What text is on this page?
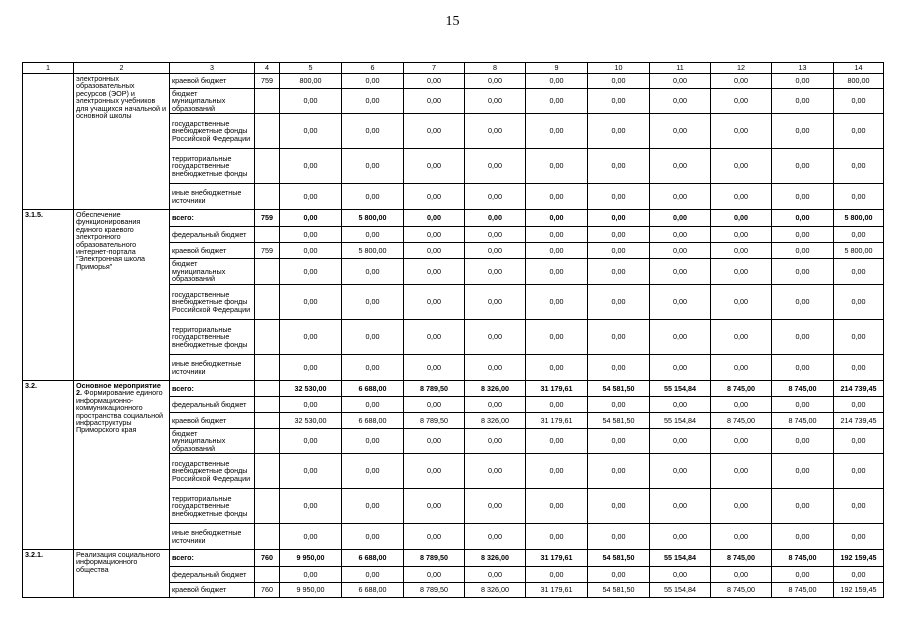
15
1	2	3	4	5	6	7	8	9	10	11	12	13	14
	электронных образовательных ресурсов (ЭОР) и электронных учебников для учащихся начальной и основной школы	краевой бюджет	759	800,00	0,00	0,00	0,00	0,00	0,00	0,00	0,00	0,00	800,00
		бюджет муниципальных образований		0,00	0,00	0,00	0,00	0,00	0,00	0,00	0,00	0,00	0,00
		государственные внебюджетные фонды Российской Федерации		0,00	0,00	0,00	0,00	0,00	0,00	0,00	0,00	0,00	0,00
		территориальные государственные внебюджетные фонды		0,00	0,00	0,00	0,00	0,00	0,00	0,00	0,00	0,00	0,00
		иные внебюджетные источники		0,00	0,00	0,00	0,00	0,00	0,00	0,00	0,00	0,00	0,00
3.1.5.	Обеспечение функционирования единого краевого электронного образовательного интернет-портала "Электронная школа Приморья"	всего:	759	0,00	5 800,00	0,00	0,00	0,00	0,00	0,00	0,00	0,00	5 800,00
		федеральный бюджет		0,00	0,00	0,00	0,00	0,00	0,00	0,00	0,00	0,00	0,00
		краевой бюджет	759	0,00	5 800,00	0,00	0,00	0,00	0,00	0,00	0,00	0,00	5 800,00
		бюджет муниципальных образований		0,00	0,00	0,00	0,00	0,00	0,00	0,00	0,00	0,00	0,00
		государственные внебюджетные фонды Российской Федерации		0,00	0,00	0,00	0,00	0,00	0,00	0,00	0,00	0,00	0,00
		территориальные государственные внебюджетные фонды		0,00	0,00	0,00	0,00	0,00	0,00	0,00	0,00	0,00	0,00
		иные внебюджетные источники		0,00	0,00	0,00	0,00	0,00	0,00	0,00	0,00	0,00	0,00
3.2.	Основное мероприятие 2. Формирование единого информационно-коммуникационного пространства социальной инфраструктуры Приморского края	всего:		32 530,00	6 688,00	8 789,50	8 326,00	31 179,61	54 581,50	55 154,84	8 745,00	8 745,00	214 739,45
		федеральный бюджет		0,00	0,00	0,00	0,00	0,00	0,00	0,00	0,00	0,00	0,00
		краевой бюджет		32 530,00	6 688,00	8 789,50	8 326,00	31 179,61	54 581,50	55 154,84	8 745,00	8 745,00	214 739,45
		бюджет муниципальных образований		0,00	0,00	0,00	0,00	0,00	0,00	0,00	0,00	0,00	0,00
		государственные внебюджетные фонды Российской Федерации		0,00	0,00	0,00	0,00	0,00	0,00	0,00	0,00	0,00	0,00
		территориальные государственные внебюджетные фонды		0,00	0,00	0,00	0,00	0,00	0,00	0,00	0,00	0,00	0,00
		иные внебюджетные источники		0,00	0,00	0,00	0,00	0,00	0,00	0,00	0,00	0,00	0,00
3.2.1.	Реализация социального информационного общества	всего:	760	9 950,00	6 688,00	8 789,50	8 326,00	31 179,61	54 581,50	55 154,84	8 745,00	8 745,00	192 159,45
		федеральный бюджет		0,00	0,00	0,00	0,00	0,00	0,00	0,00	0,00	0,00	0,00
		краевой бюджет	760	9 950,00	6 688,00	8 789,50	8 326,00	31 179,61	54 581,50	55 154,84	8 745,00	8 745,00	192 159,45
